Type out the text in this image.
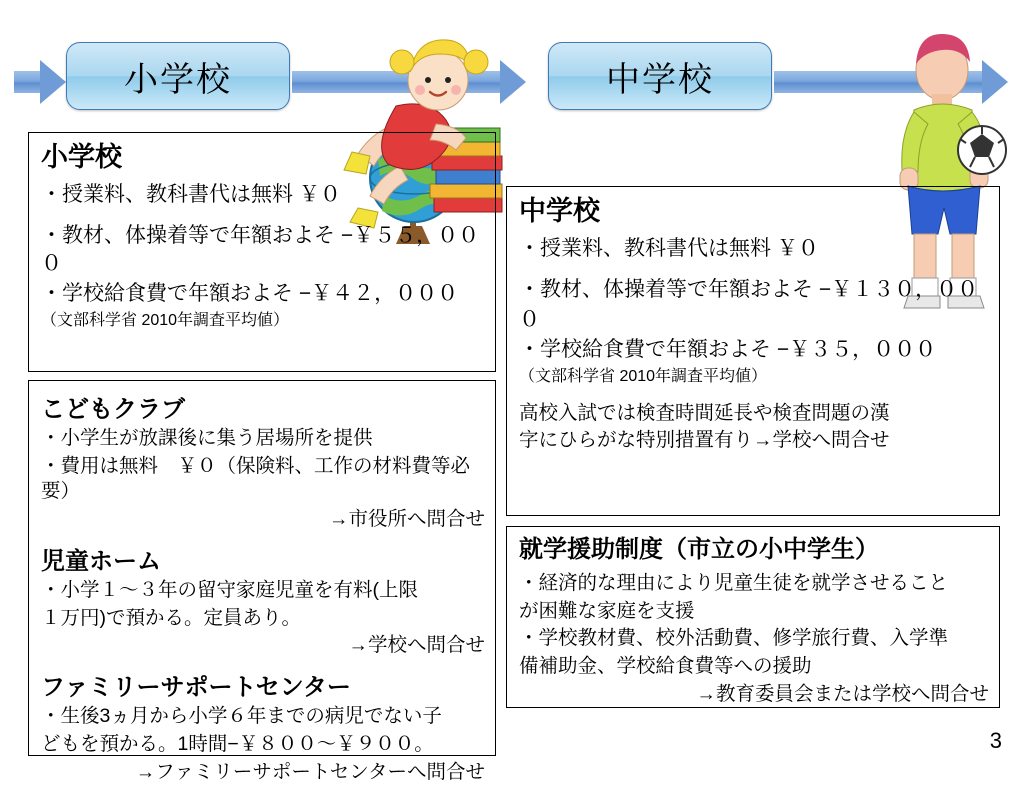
小学校	中学校
小学校
・授業料、教科書代は無料 ￥０
・教材、体操着等で年額およそ −￥５５，０００
・学校給食費で年額およそ −￥４２，０００
（文部科学省 2010年調査平均値）
こどもクラブ
・小学生が放課後に集う居場所を提供
・費用は無料　￥０（保険料、工作の材料費等必要）
→市役所へ問合せ
児童ホーム
・小学１～３年の留守家庭児童を有料(上限
１万円)で預かる。定員あり。
→学校へ問合せ
ファミリーサポートセンター
・生後3ヵ月から小学６年までの病児でない子
どもを預かる。1時間−￥８００～￥９００。
→ファミリーサポートセンターへ問合せ
中学校
・授業料、教科書代は無料 ￥０
・教材、体操着等で年額およそ −￥１３０，００
０
・学校給食費で年額およそ −￥３５，０００
（文部科学省 2010年調査平均値）
高校入試では検査時間延長や検査問題の漢
字にひらがな特別措置有り→学校へ問合せ
就学援助制度（市立の小中学生）
・経済的な理由により児童生徒を就学させること
が困難な家庭を支援
・学校教材費、校外活動費、修学旅行費、入学準
備補助金、学校給食費等への援助
→教育委員会または学校へ問合せ
3
